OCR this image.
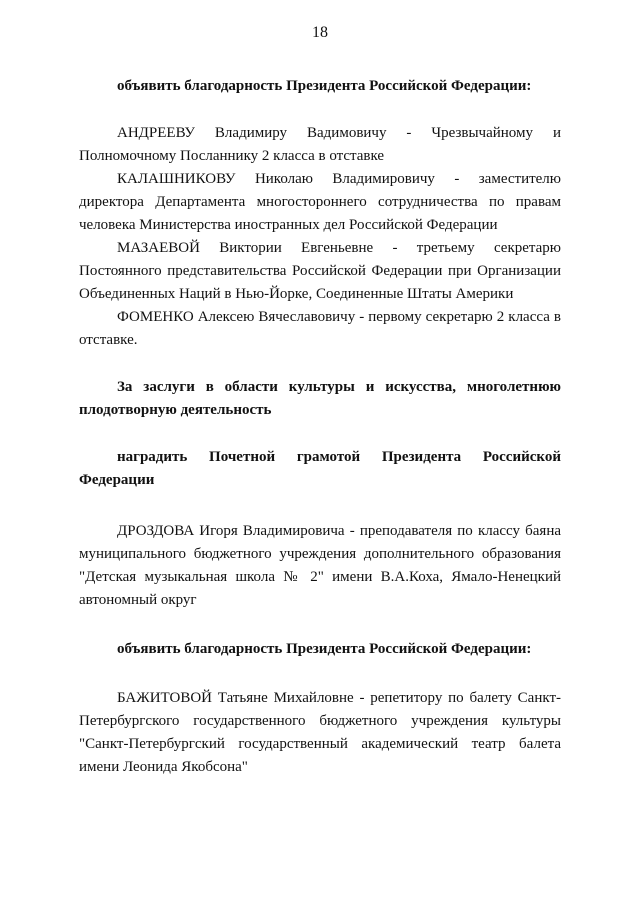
18

объявить благодарность Президента Российской Федерации:

АНДРЕЕВУ Владимиру Вадимовичу - Чрезвычайному и Полномочному Посланнику 2 класса в отставке

КАЛАШНИКОВУ Николаю Владимировичу - заместителю директора Департамента многостороннего сотрудничества по правам человека Министерства иностранных дел Российской Федерации

МАЗАЕВОЙ Виктории Евгеньевне - третьему секретарю Постоянного представительства Российской Федерации при Организации Объединенных Наций в Нью-Йорке, Соединенные Штаты Америки

ФОМЕНКО Алексею Вячеславовичу - первому секретарю 2 класса в отставке.

За заслуги в области культуры и искусства, многолетнюю плодотворную деятельность

наградить Почетной грамотой Президента Российской Федерации

ДРОЗДОВА Игоря Владимировича - преподавателя по классу баяна муниципального бюджетного учреждения дополнительного образования "Детская музыкальная школа № 2" имени В.А.Коха, Ямало-Ненецкий автономный округ

объявить благодарность Президента Российской Федерации:

БАЖИТОВОЙ Татьяне Михайловне - репетитору по балету Санкт-Петербургского государственного бюджетного учреждения культуры "Санкт-Петербургский государственный академический театр балета имени Леонида Якобсона"
